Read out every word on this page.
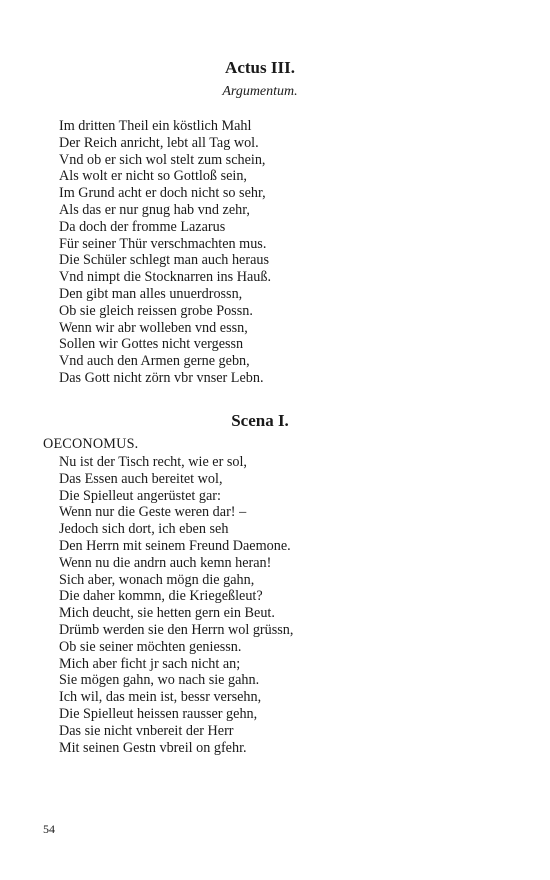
Actus III.
Argumentum.
Im dritten Theil ein köstlich Mahl
Der Reich anricht, lebt all Tag wol.
Vnd ob er sich wol stelt zum schein,
Als wolt er nicht so Gottloß sein,
Im Grund acht er doch nicht so sehr,
Als das er nur gnug hab vnd zehr,
Da doch der fromme Lazarus
Für seiner Thür verschmachten mus.
Die Schüler schlegt man auch heraus
Vnd nimpt die Stocknarren ins Hauß.
Den gibt man alles unuerdrossn,
Ob sie gleich reissen grobe Possn.
Wenn wir abr wolleben vnd essn,
Sollen wir Gottes nicht vergessn
Vnd auch den Armen gerne gebn,
Das Gott nicht zörn vbr vnser Lebn.
Scena I.
OECONOMUS.
Nu ist der Tisch recht, wie er sol,
Das Essen auch bereitet wol,
Die Spielleut angerüstet gar:
Wenn nur die Geste weren dar! –
Jedoch sich dort, ich eben seh
Den Herrn mit seinem Freund Daemone.
Wenn nu die andrn auch kemn heran!
Sich aber, wonach mögn die gahn,
Die daher kommn, die Kriegeßleut?
Mich deucht, sie hetten gern ein Beut.
Drümb werden sie den Herrn wol grüssn,
Ob sie seiner möchten geniessn.
Mich aber ficht jr sach nicht an;
Sie mögen gahn, wo nach sie gahn.
Ich wil, das mein ist, bessr versehn,
Die Spielleut heissen rausser gehn,
Das sie nicht vnbereit der Herr
Mit seinen Gestn vbreil on gfehr.
54
